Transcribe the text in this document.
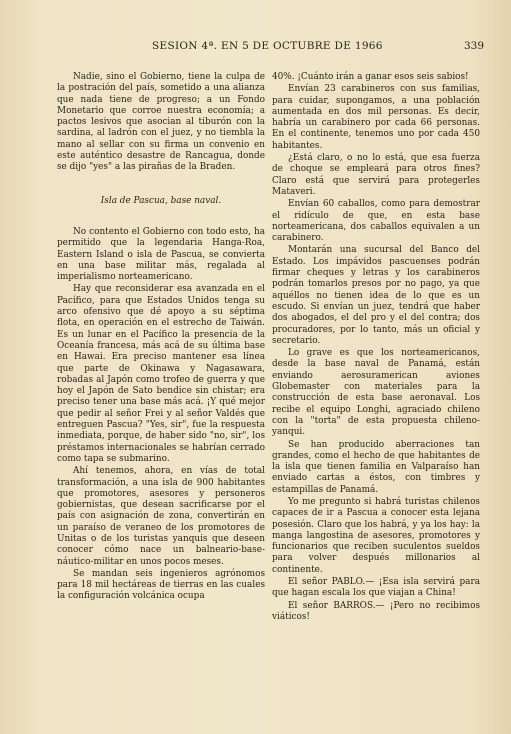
SESION 4ª. EN 5 DE OCTUBRE DE 1966	339

Nadie, sino el Gobierno, tiene la culpa de la postración del país, sometido a una alianza que nada tiene de progreso; a un Fondo Monetario que corroe nuestra economía; a pactos lesivos que asocian al tiburón con la sardina, al ladrón con el juez, y no tiembla la mano al sellar con su firma un convenio en este auténtico desastre de Rancagua, donde se dijo "yes" a las pirañas de la Braden.

Isla de Pascua, base naval.

No contento el Gobierno con todo esto, ha permitido que la legendaria Hanga-Roa, Eastern Island o isla de Pascua, se convierta en una base militar más, regalada al imperialismo norteamericano.

Hay que reconsiderar esa avanzada en el Pacífico, para que Estados Unidos tenga su arco ofensivo que dé apoyo a su séptima flota, en operación en el estrecho de Taiwán. Es un lunar en el Pacífico la presencia de la Oceanía francesa, más acá de su última base en Hawai. Era preciso mantener esa línea que parte de Okinawa y Nagasawara, robadas al Japón como trofeo de guerra y que hoy el Japón de Sato bendice sin chistar; era preciso tener una base más acá. ¡Y qué mejor que pedir al señor Frei y al señor Valdés que entreguen Pascua? "Yes, sir", fue la respuesta inmediata, porque, de haber sido "no, sir", los préstamos internacionales se habrían cerrado como tapa se submarino.

Ahí tenemos, ahora, en vías de total transformación, a una isla de 900 habitantes que promotores, asesores y personeros gobiernistas, que desean sacrificarse por el país con asignación de zona, convertirán en un paraíso de veraneo de los promotores de Unitas o de los turistas yanquis que deseen conocer cómo nace un balneario-base-náutico-militar en unos pocos meses.

Se mandan seis ingenieros agrónomos para 18 mil hectáreas de tierras en las cuales la configuración volcánica ocupa

40%. ¡Cuánto irán a ganar esos seis sabios!

Envían 23 carabineros con sus familias, para cuidar, supongamos, a una población aumentada en dos mil personas. Es decir, habría un carabinero por cada 66 personas. En el continente, tenemos uno por cada 450 habitantes.

¿Está claro, o no lo está, que esa fuerza de choque se empleará para otros fines? Claro está que servirá para protegerles Mataveri.

Envían 60 caballos, como para demostrar el ridículo de que, en esta base norteamericana, dos caballos equivalen a un carabinero.

Montarán una sucursal del Banco del Estado. Los impávidos pascuenses podrán firmar cheques y letras y los carabineros podrán tomarlos presos por no pago, ya que aquéllos no tienen idea de lo que es un escudo. Si envían un juez, tendrá que haber dos abogados, el del pro y el del contra; dos procuradores, por lo tanto, más un oficial y secretario.

Lo grave es que los norteamericanos, desde la base naval de Panamá, están enviando aerosuramerican aviones Globemaster con materiales para la construcción de esta base aeronaval. Los recibe el equipo Longhi, agraciado chileno con la "torta" de esta propuesta chileno-yanqui.

Se han producido aberraciones tan grandes, como el hecho de que habitantes de la isla que tienen familia en Valparaíso han enviado cartas a éstos, con timbres y estampillas de Panamá.

Yo me pregunto si habrá turistas chilenos capaces de ir a Pascua a conocer esta lejana posesión. Claro que los habrá, y ya los hay: la manga langostina de asesores, promotores y funcionarios que reciben suculentos sueldos para volver después millonarios al continente.

El señor PABLO.— ¡Esa isla servirá para que hagan escala los que viajan a China!

El señor BARROS.— ¡Pero no recibimos viáticos!
